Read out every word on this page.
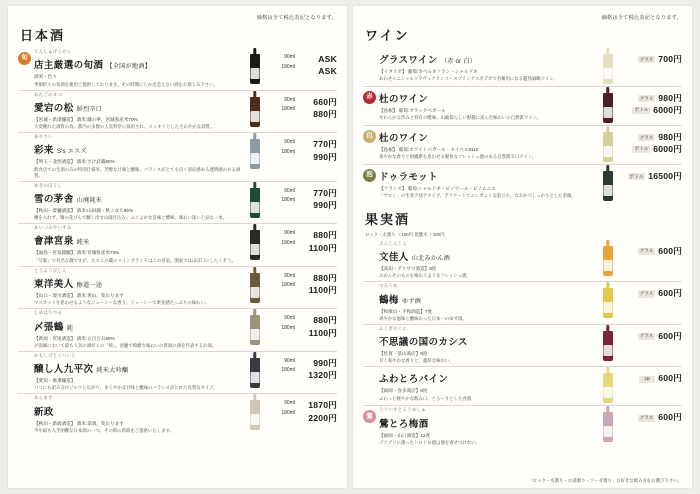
価格は全て税込表記となります。
日本酒
旬
てんしゅげんせん
店主厳選の旬酒 【全国が地酒】
酒米・色々
季節折々の旬酒を使用ご提供しております。その時期にしか出会えない酒をお楽しみ下さい。
90ml
180ml
ASK
ASK
あたごのまつ
愛宕の松 鮮烈辛口
【宮城・新澤醸造】 酒米:蔵の華、宮城県産米70%
大変優れた酒質の為、都内の多数の人気料亭に採用され、スッキリとしたさわやかな酒質。
90ml
180ml
660円
880円
あやさい
彩来 S's エスズ
【埼玉・北西酒造】 酒米:さけ武蔵60%
飲食店での生酒のみの特別仕様米、芳醇な甘味と酸味、バランスがとても良く清涼感ある透明感のある酒質。
90ml
180ml
770円
990円
ゆきのぼうし
雪の茅舎 山廃純米
【秋田・齋彌酒造】 酒米:山田錦・秋こまち65%
櫂を入れず、麹の花びらで醸し出す山廃仕込み。ふくよかな旨味と酸味、味わい深い上品な一本。
90ml
180ml
770円
990円
あいづみやいずみ
會津宮泉 純米
【福島・宮泉銘醸】 酒米:宮城県産米70%
「写楽」で有名な蔵ですが、元々この蔵のメインブランドはこの宮泉。関東ではほぼ口にしたくそう。
90ml
180ml
880円
1100円
とうようびじん
東洋美人 醇道一途
【山口・澄川酒造】 酒米:愛山、変わりまず
マスカットを思わせるようなジューシーな香り、ジューシーで果実感たっぷりの味わい。
90ml
180ml
880円
1100円
しめはりつる
〆張鶴 純
【新潟・宮尾酒造】 酒米:五百万石50%
〆張鶴において最も人気の酒がこの「純」。淡麗で綺麗な味わいの新潟の酒を代表するお酒。
90ml
180ml
880円
1100円
かもしびとくへいじ
醸し人九平次 純米大吟醸
【愛知・萬乗醸造】
パリにも訳み分けジルウと広がり、まろやかな甘味と酸味のバランスがとれた良質なタイプ。
90ml
180ml
990円
1320円
あらまさ
新政
【秋田・新政酒造】 酒米:掌酒、変わります
今や最も入手困難な日本酒の一つ。その時の新政をご提供いたします。
90ml
180ml
1870円
2200円
価格は全て税込表記となります。
ワイン
グラスワイン （赤 or 白）
【イタリア】 葡萄:カベルネフラン・シャルドネ
あわせイニシャルソアヴェクラシコ・スプリングスボデガで名稱用になる題熟誠鴫ワイン。
グラス 700円
赤 杜のワイン
【島根】 葡萄:ブラックペガール
やわらかな渋みと特有の酸味、山葡萄らしい野趣に富んだ味わいの自然派ワイン。
グラス 980円
ボトル 6000円
白 杜のワイン
【島根】 葡萄:ホワイトペガール・セイベル9110
爽やかな香りと柑橘系を思わせる軽快なフレッシュ感のある自然派辛口ワイン。
グラス 980円
ボトル 6000円
泡 ドゥラモット
【フランス】 葡萄:シャルドネ・ピノワール・ピノムニエ
「サロン」の生産テ経ゲセイブ、デリケートでエレガントな泡立ち、なおかつしっかりとした余韻。
ボトル 16500円
果実酒
ロック・水割り ＋100円 炭酸水 ＋100円
ぶんじんじん
文佳人 山北みかん酒
【高知・アリサワ酒造】8度
みかんそのものを味わうようなフレッシュ感。
グラス 600円
つるうめ
鶴梅 ゆず酒
【和歌山・平和酒造】7度
爽やかな風味と酸味わった日本一のゆず酒。
グラス 600円
ふしぎのくに
不思議の国のカシス
【佐賀・基山商店】8度
甘く爽やかな香りと、濃厚な味わい。
グラス 600円
ふわとろパイン
【福岡・喜多商店】8度
ふわっと軽やかな飲み口、とろ～りとした食感。
LE 600円
鶯
うぐいすとろうめしゅ
鶯とろ梅酒
【福岡・山口酒造】12度
ゴリゴリに薄ったトロトロ感は他を寄せつけない。
グラス 600円
「ロック・水割り・お湯割り・ソーダ割り」お好きな飲み方をお選び下さい。
